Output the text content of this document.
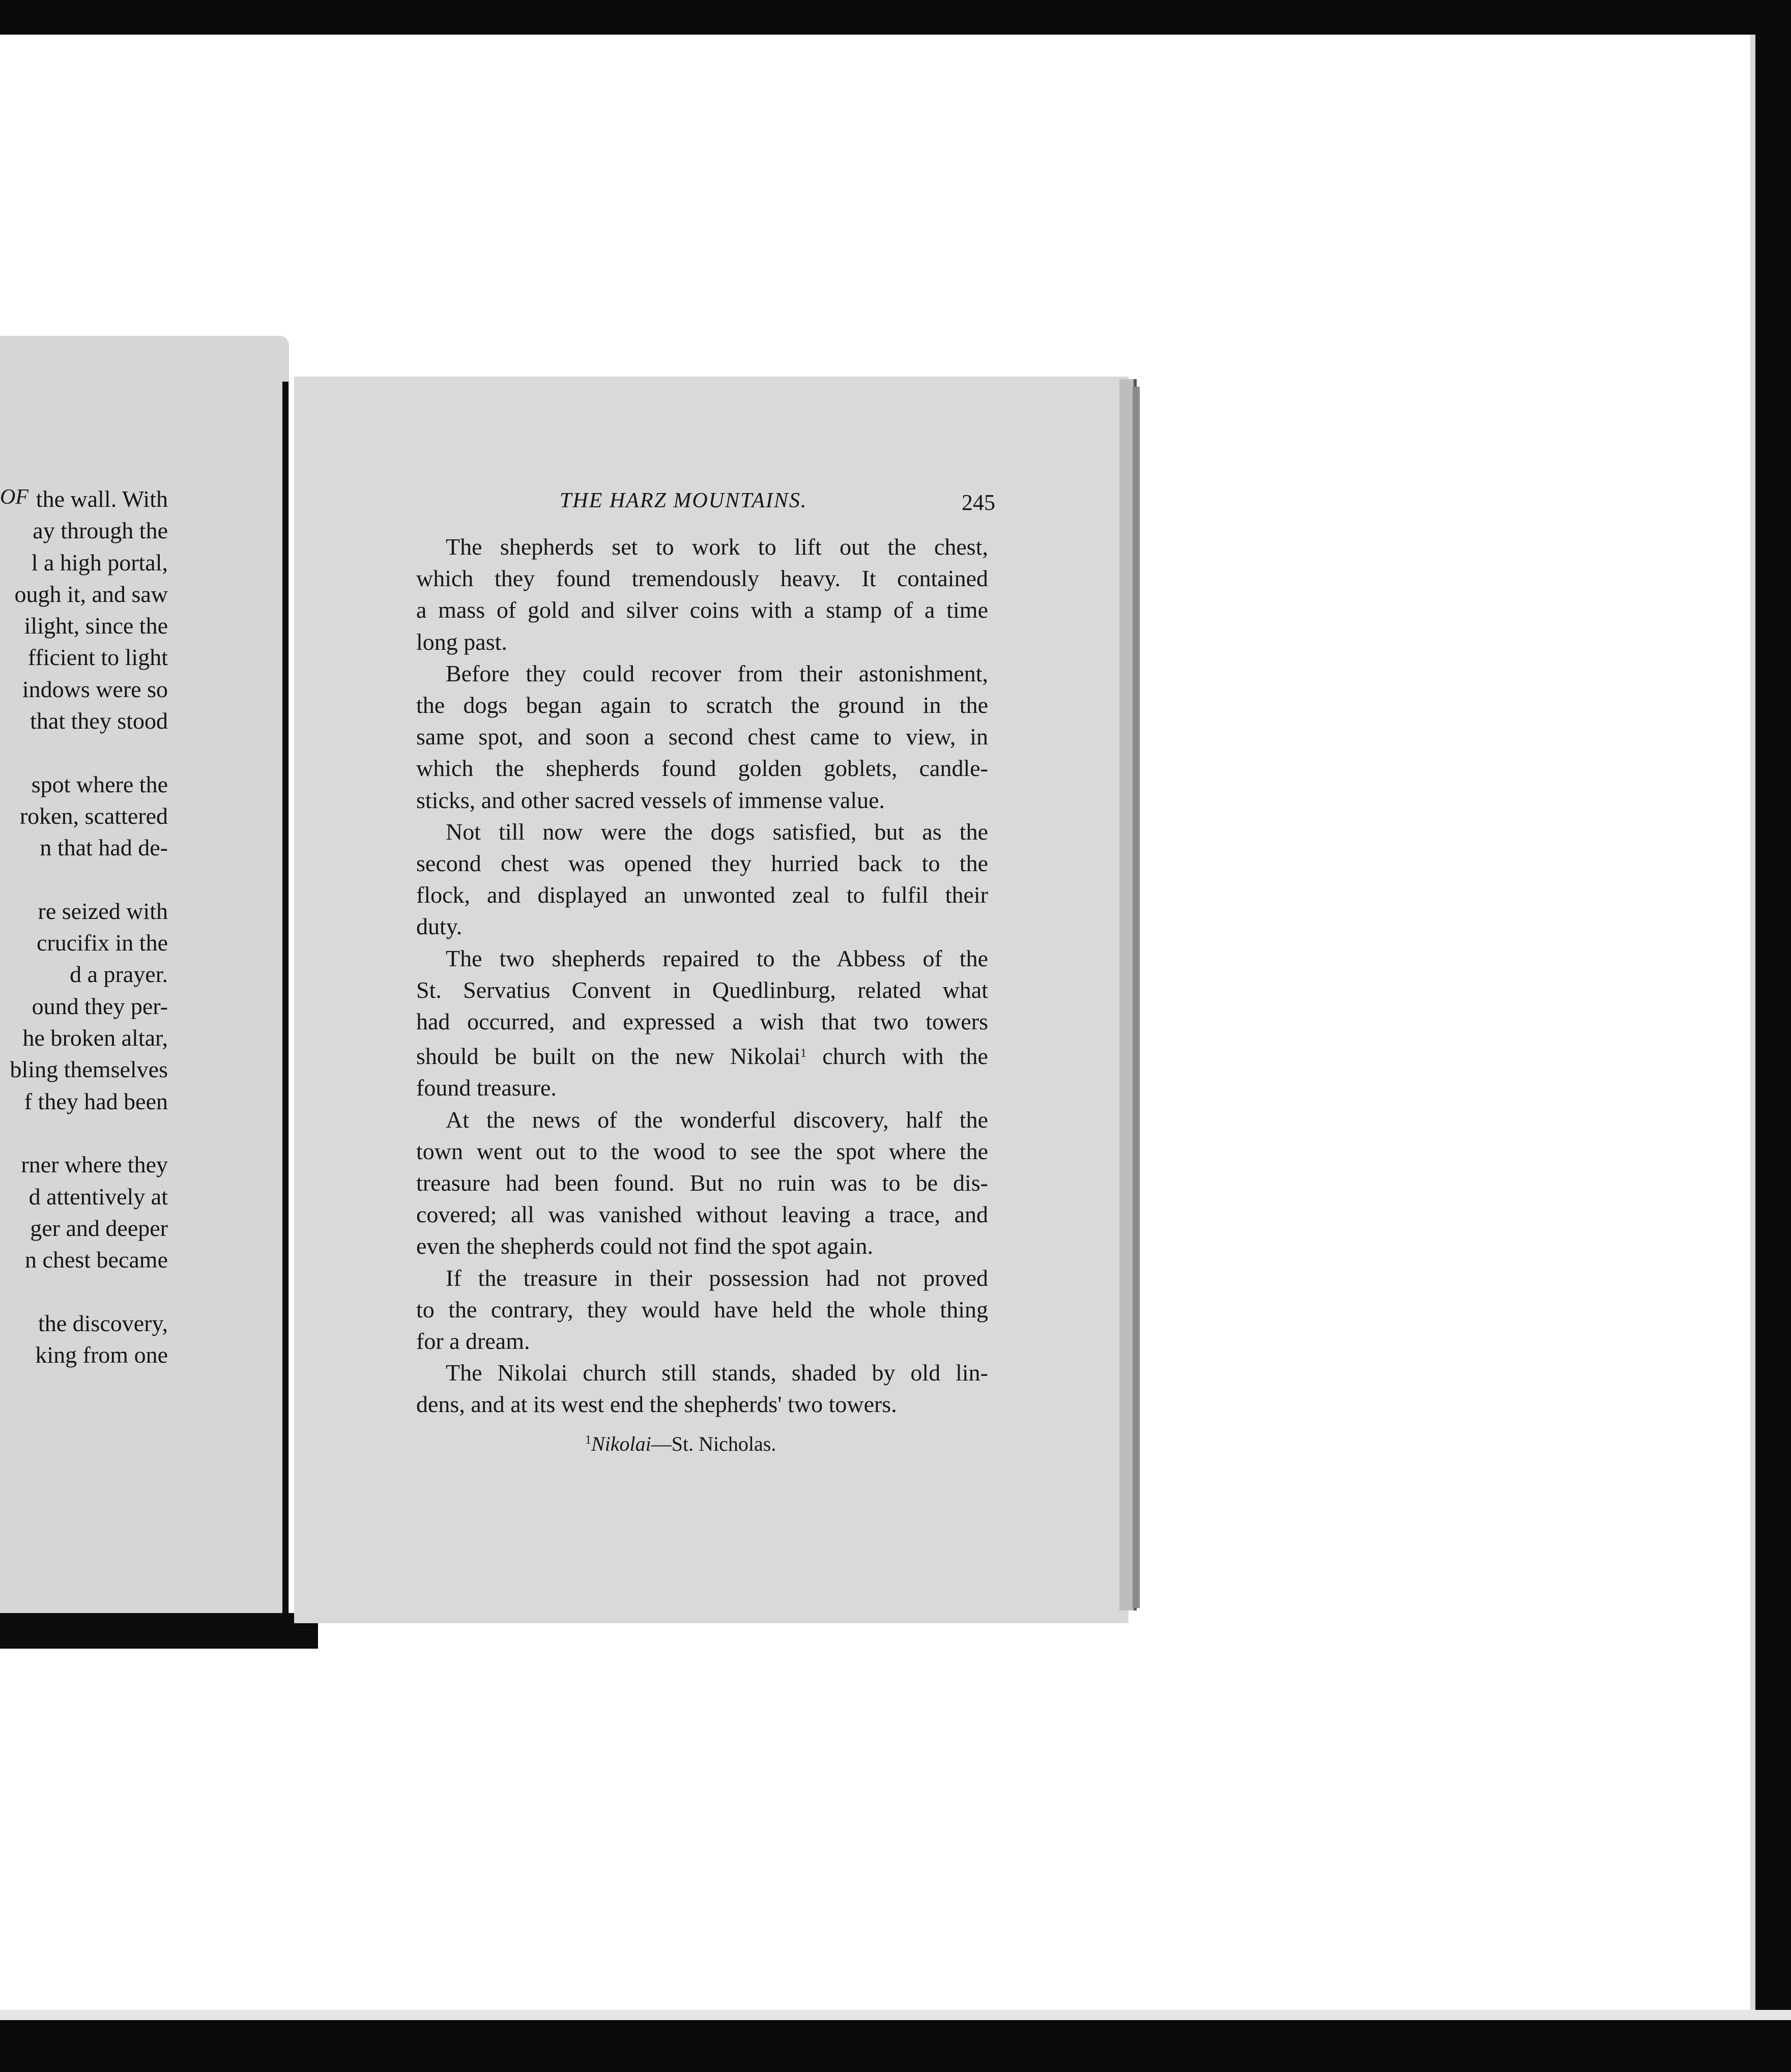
OF the wall. With
ay through the
l a high portal,
ough it, and saw
ilight, since the
fficient to light
indows were so
that they stood

spot where the
roken, scattered
n that had de-

re seized with
crucifix in the
d a prayer.
ound they per-
he broken altar,
bling themselves
f they had been

rner where they
d attentively at
ger and deeper
n chest became

the discovery,
king from one
THE HARZ MOUNTAINS.	245
The shepherds set to work to lift out the chest,
which they found tremendously heavy. It contained
a mass of gold and silver coins with a stamp of a time
long past.
Before they could recover from their astonishment,
the dogs began again to scratch the ground in the
same spot, and soon a second chest came to view, in
which the shepherds found golden goblets, candle-
sticks, and other sacred vessels of immense value.
Not till now were the dogs satisfied, but as the
second chest was opened they hurried back to the
flock, and displayed an unwonted zeal to fulfil their
duty.
The two shepherds repaired to the Abbess of the
St. Servatius Convent in Quedlinburg, related what
had occurred, and expressed a wish that two towers
should be built on the new Nikolai$^1$ church with the
found treasure.
At the news of the wonderful discovery, half the
town went out to the wood to see the spot where the
treasure had been found. But no ruin was to be dis-
covered; all was vanished without leaving a trace, and
even the shepherds could not find the spot again.
If the treasure in their possession had not proved
to the contrary, they would have held the whole thing
for a dream.
The Nikolai church still stands, shaded by old lin-
dens, and at its west end the shepherds' two towers.
$^1$Nikolai—St. Nicholas.
